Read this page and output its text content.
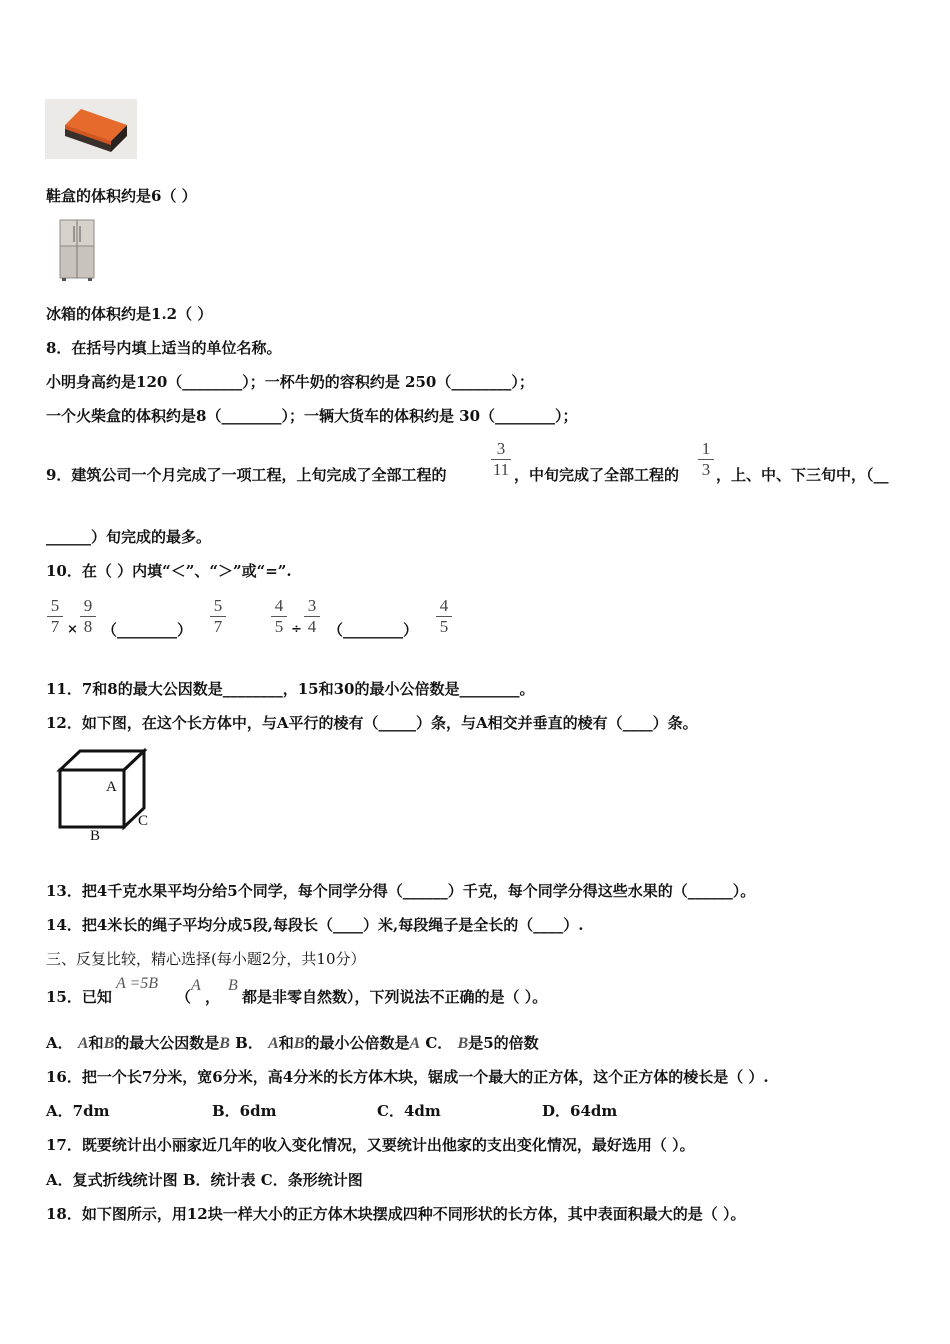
鞋盒的体积约是6（ ）
冰箱的体积约是1.2（ ）
8．在括号内填上适当的单位名称。
小明身高约是120（________）；一杯牛奶的容积约是 250（________）；
一个火柴盒的体积约是8（________）；一辆大货车的体积约是 30（________）；
9．建筑公司一个月完成了一项工程，上旬完成了全部工程的	$\frac{3}{11}$ ，中旬完成了全部工程的 $\frac{1}{3}$ ，上、中、下三旬中，（__
______）旬完成的最多。
10．在（ ）内填“＜”、“＞”或“=”.
$\frac{5}{7} \times \frac{9}{8}$ （________） $\frac{5}{7}$	$\frac{4}{5} \div \frac{3}{4}$ （________） $\frac{4}{5}$
11．7和8的最大公因数是________，15和30的最小公倍数是________。
12．如下图，在这个长方体中，与A平行的棱有（_____）条，与A相交并垂直的棱有（____）条。
A
C
B
13．把4千克水果平均分给5个同学，每个同学分得（______）千克，每个同学分得这些水果的（______）。
14．把4米长的绳子平均分成5段,每段长（____）米,每段绳子是全长的（____）.
三、反复比较，精心选择(每小题2分，共10分）
15．已知
A =5B
（
A
，
B
都是非零自然数），下列说法不正确的是（ ）。
A． A和B的最大公因数是B B． A和B的最小公倍数是A C． B是5的倍数
16．把一个长7分米，宽6分米，高4分米的长方体木块，锯成一个最大的正方体，这个正方体的棱长是（ ）.
A．7dm	B．6dm	C．4dm	D．64dm
17．既要统计出小丽家近几年的收入变化情况，又要统计出他家的支出变化情况，最好选用（ ）。
A．复式折线统计图 B．统计表 C．条形统计图
18．如下图所示，用12块一样大小的正方体木块摆成四种不同形状的长方体，其中表面积最大的是（ ）。
